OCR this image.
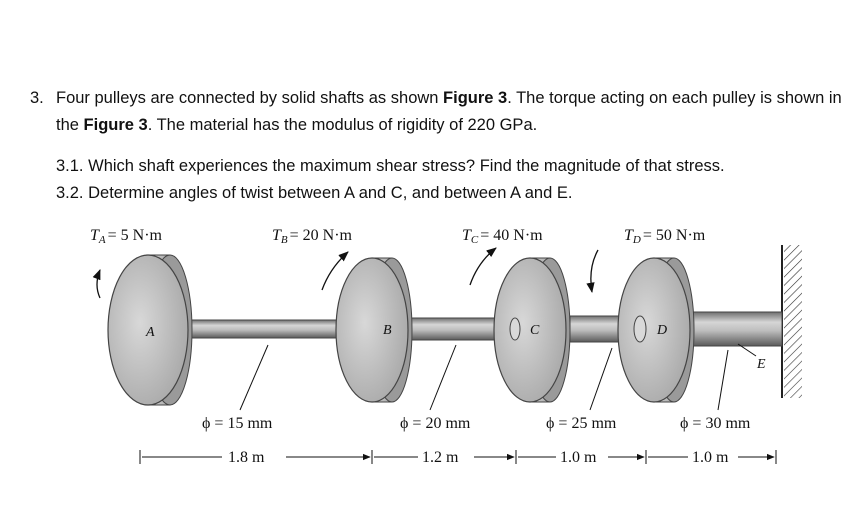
3. Four pulleys are connected by solid shafts as shown Figure 3. The torque acting on each pulley is shown in the Figure 3. The material has the modulus of rigidity of 220 GPa.
3.1. Which shaft experiences the maximum shear stress? Find the magnitude of that stress.
3.2. Determine angles of twist between A and C, and between A and E.
A	B	C	D
E
TA = 5 N·m	TB = 20 N·m	TC = 40 N·m	TD = 50 N·m
ϕ = 15 mm	ϕ = 20 mm	ϕ = 25 mm	ϕ = 30 mm
1.8 m	1.2 m	1.0 m	1.0 m
